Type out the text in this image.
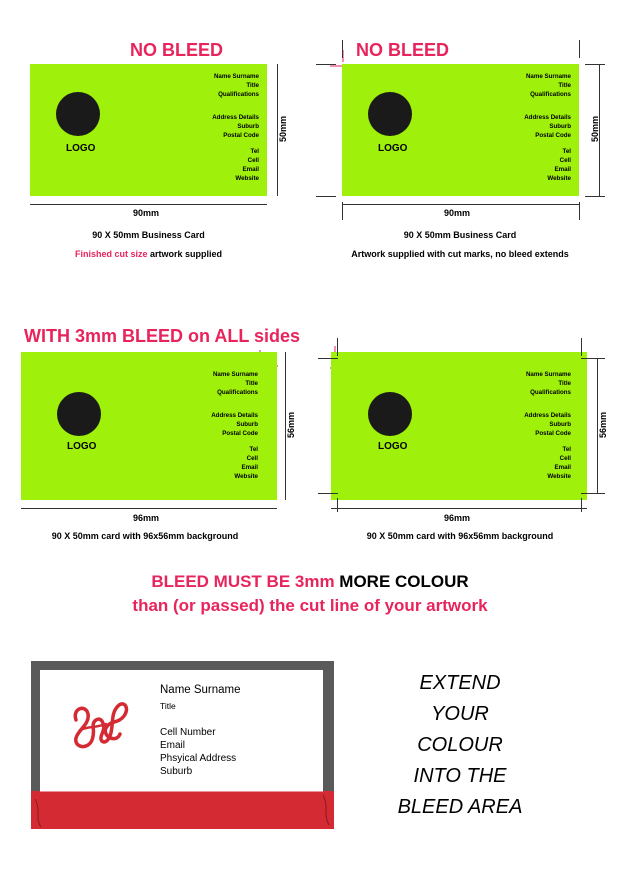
NO BLEED
LOGO
Name Surname
Title
Qualifications
Address Details
Suburb
Postal Code
Tel
Cell
Email
Website
50mm
90mm
90 X 50mm Business Card
Finished cut size artwork supplied
NO BLEED
LOGO
Name Surname
Title
Qualifications
Address Details
Suburb
Postal Code
Tel
Cell
Email
Website
50mm
90mm
90 X 50mm Business Card
Artwork supplied with cut marks, no bleed extends
WITH 3mm BLEED on ALL sides
LOGO
Name Surname
Title
Qualifications
Address Details
Suburb
Postal Code
Tel
Cell
Email
Website
56mm
96mm
90 X 50mm card with 96x56mm background
LOGO
Name Surname
Title
Qualifications
Address Details
Suburb
Postal Code
Tel
Cell
Email
Website
56mm
96mm
90 X 50mm card with 96x56mm background
BLEED MUST BE 3mm MORE COLOUR
than (or passed) the cut line of your artwork
Name Surname
Title
Cell Number
Email
Phsyical Address
Suburb
EXTEND
YOUR
COLOUR
INTO THE
BLEED AREA
